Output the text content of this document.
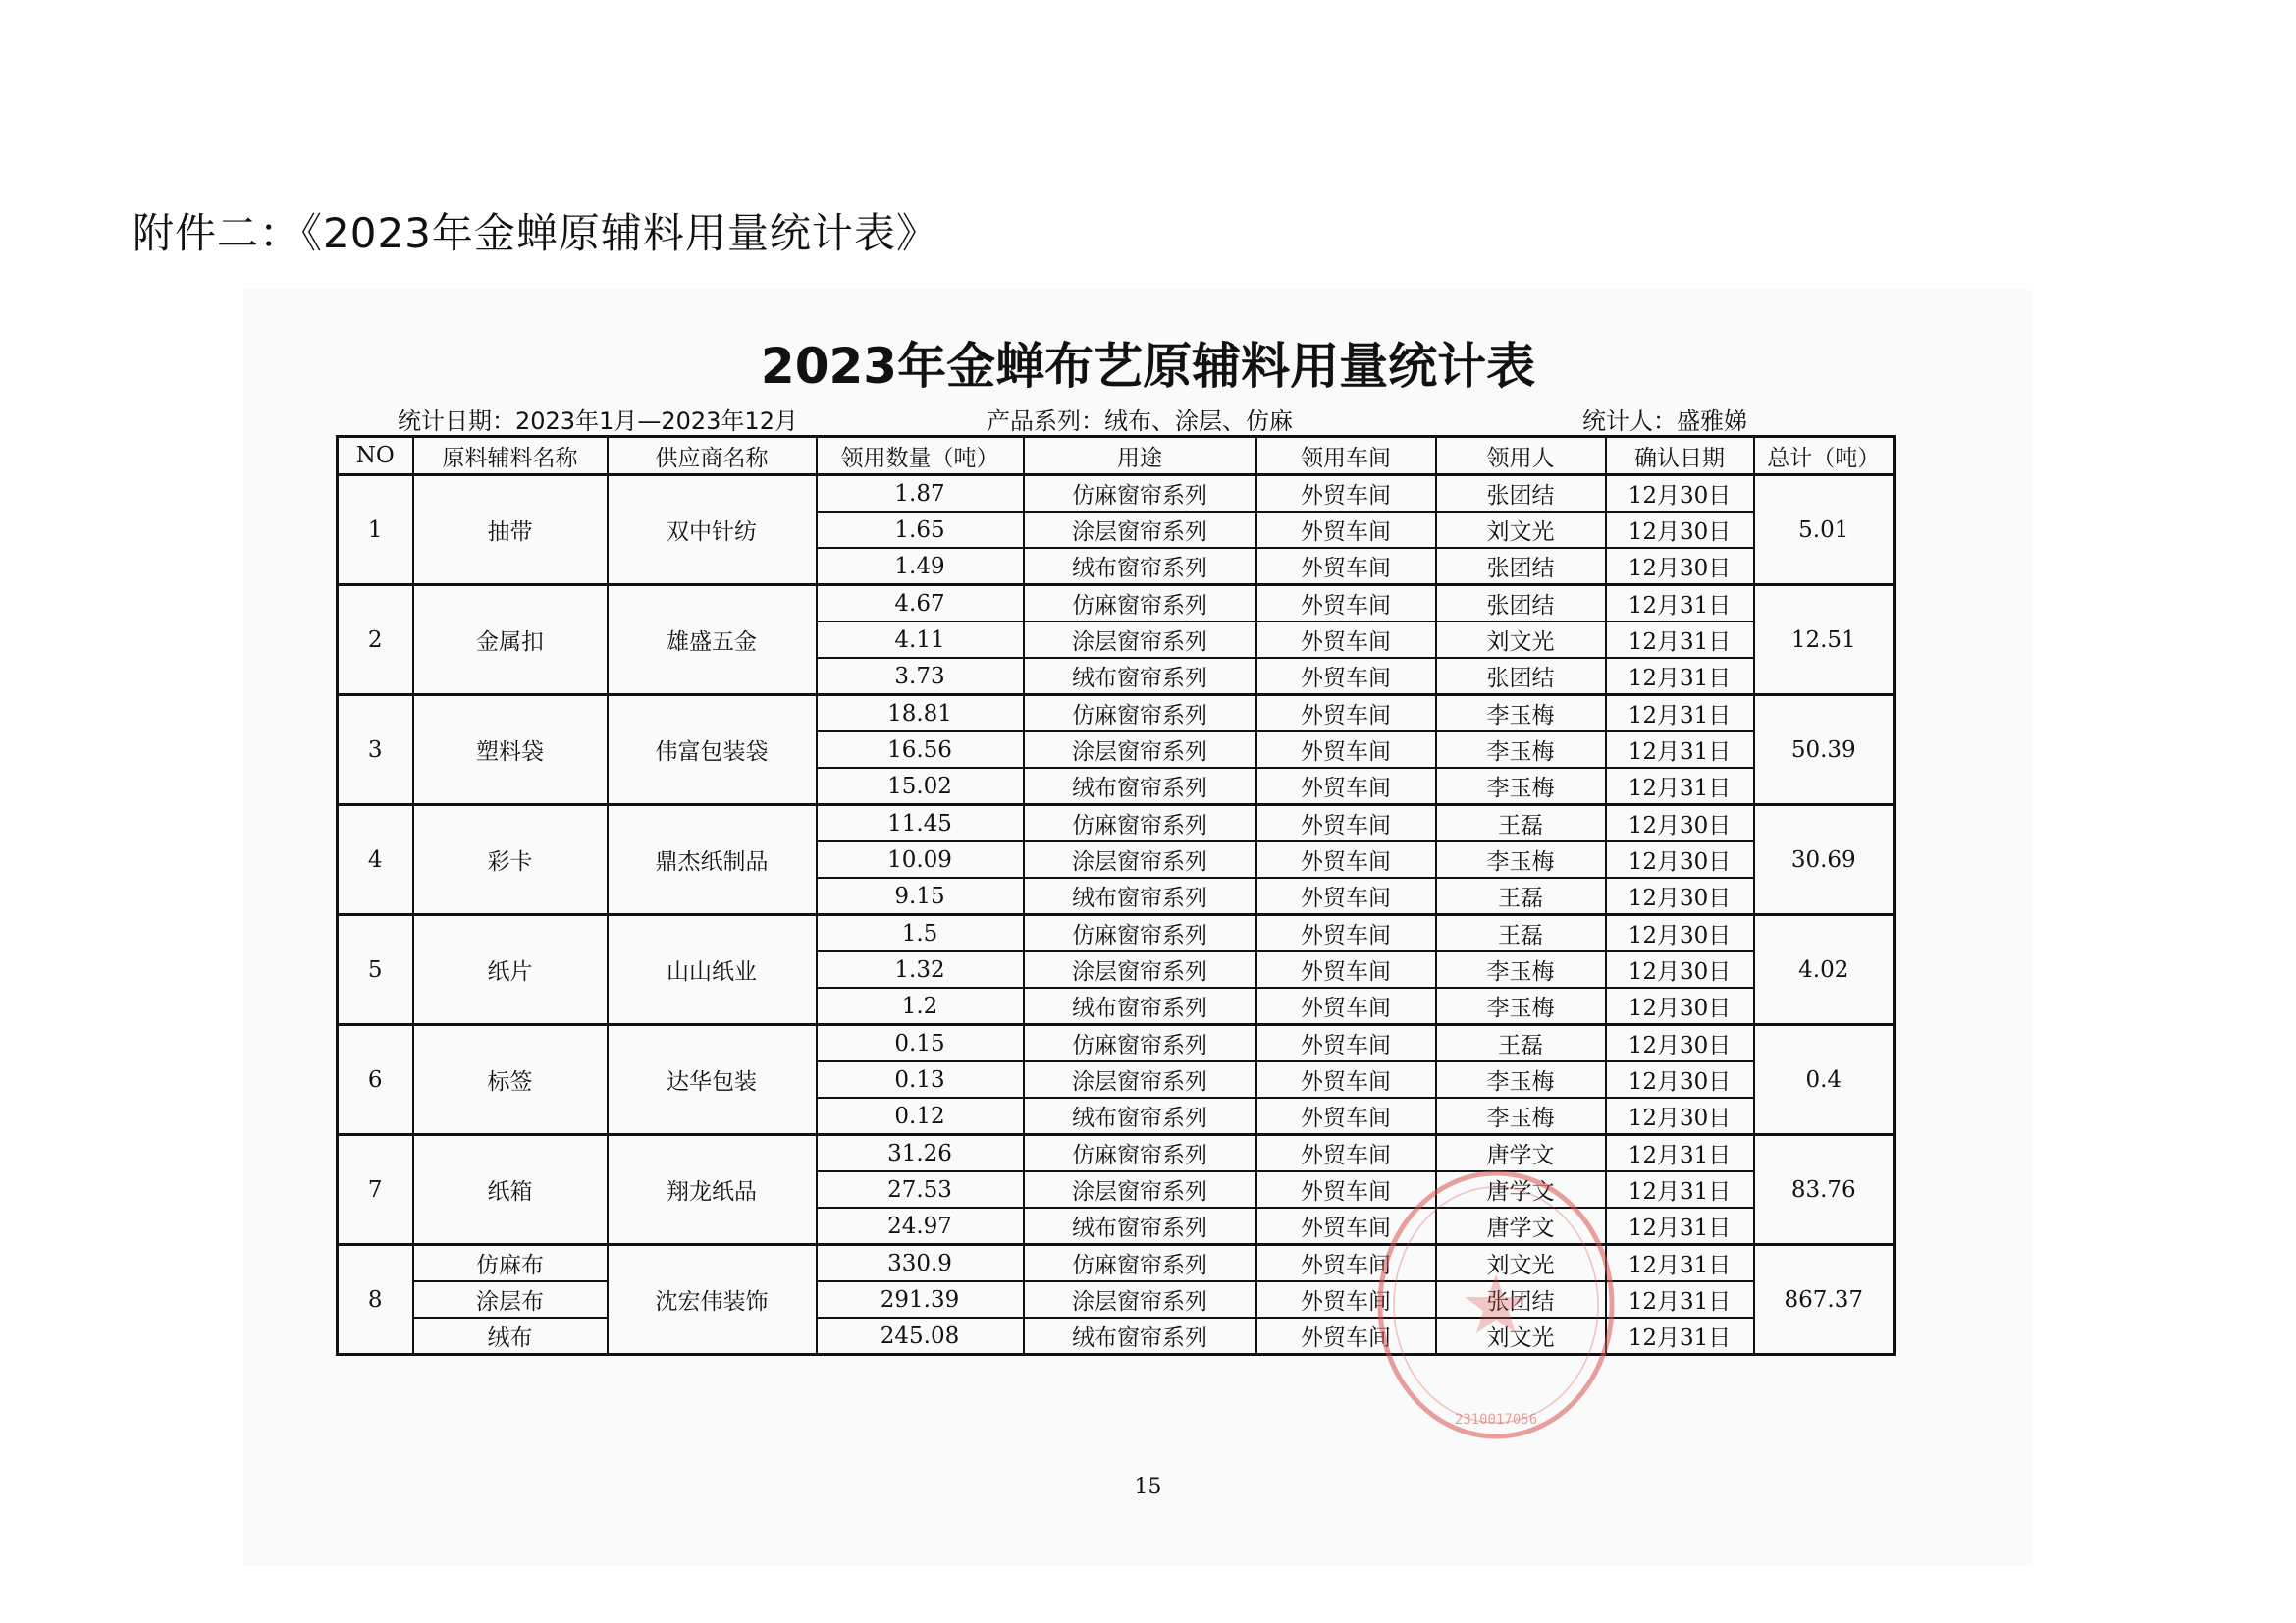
附件二：《2023年金蝉原辅料用量统计表》
2023年金蝉布艺原辅料用量统计表
统计日期：2023年1月—2023年12月	产品系列：绒布、涂层、仿麻	统计人：盛雅娣
NO	原料辅料名称	供应商名称	领用数量（吨）	用途	领用车间	领用人	确认日期	总计（吨）
1	抽带	双中针纺	1.87	仿麻窗帘系列	外贸车间	张团结	12月30日	5.01
			1.65	涂层窗帘系列	外贸车间	刘文光	12月30日	
			1.49	绒布窗帘系列	外贸车间	张团结	12月30日	
2	金属扣	雄盛五金	4.67	仿麻窗帘系列	外贸车间	张团结	12月31日	12.51
			4.11	涂层窗帘系列	外贸车间	刘文光	12月31日	
			3.73	绒布窗帘系列	外贸车间	张团结	12月31日	
3	塑料袋	伟富包装袋	18.81	仿麻窗帘系列	外贸车间	李玉梅	12月31日	50.39
			16.56	涂层窗帘系列	外贸车间	李玉梅	12月31日	
			15.02	绒布窗帘系列	外贸车间	李玉梅	12月31日	
4	彩卡	鼎杰纸制品	11.45	仿麻窗帘系列	外贸车间	王磊	12月30日	30.69
			10.09	涂层窗帘系列	外贸车间	李玉梅	12月30日	
			9.15	绒布窗帘系列	外贸车间	王磊	12月30日	
5	纸片	山山纸业	1.5	仿麻窗帘系列	外贸车间	王磊	12月30日	4.02
			1.32	涂层窗帘系列	外贸车间	李玉梅	12月30日	
			1.2	绒布窗帘系列	外贸车间	李玉梅	12月30日	
6	标签	达华包装	0.15	仿麻窗帘系列	外贸车间	王磊	12月30日	0.4
			0.13	涂层窗帘系列	外贸车间	李玉梅	12月30日	
			0.12	绒布窗帘系列	外贸车间	李玉梅	12月30日	
7	纸箱	翔龙纸品	31.26	仿麻窗帘系列	外贸车间	唐学文	12月31日	83.76
			27.53	涂层窗帘系列	外贸车间	唐学文	12月31日	
			24.97	绒布窗帘系列	外贸车间	唐学文	12月31日	
8	仿麻布	沈宏伟装饰	330.9	仿麻窗帘系列	外贸车间	刘文光	12月31日	867.37
	涂层布		291.39	涂层窗帘系列	外贸车间	张团结	12月31日	
	绒布		245.08	绒布窗帘系列	外贸车间	刘文光	12月31日	
15
2310017056
